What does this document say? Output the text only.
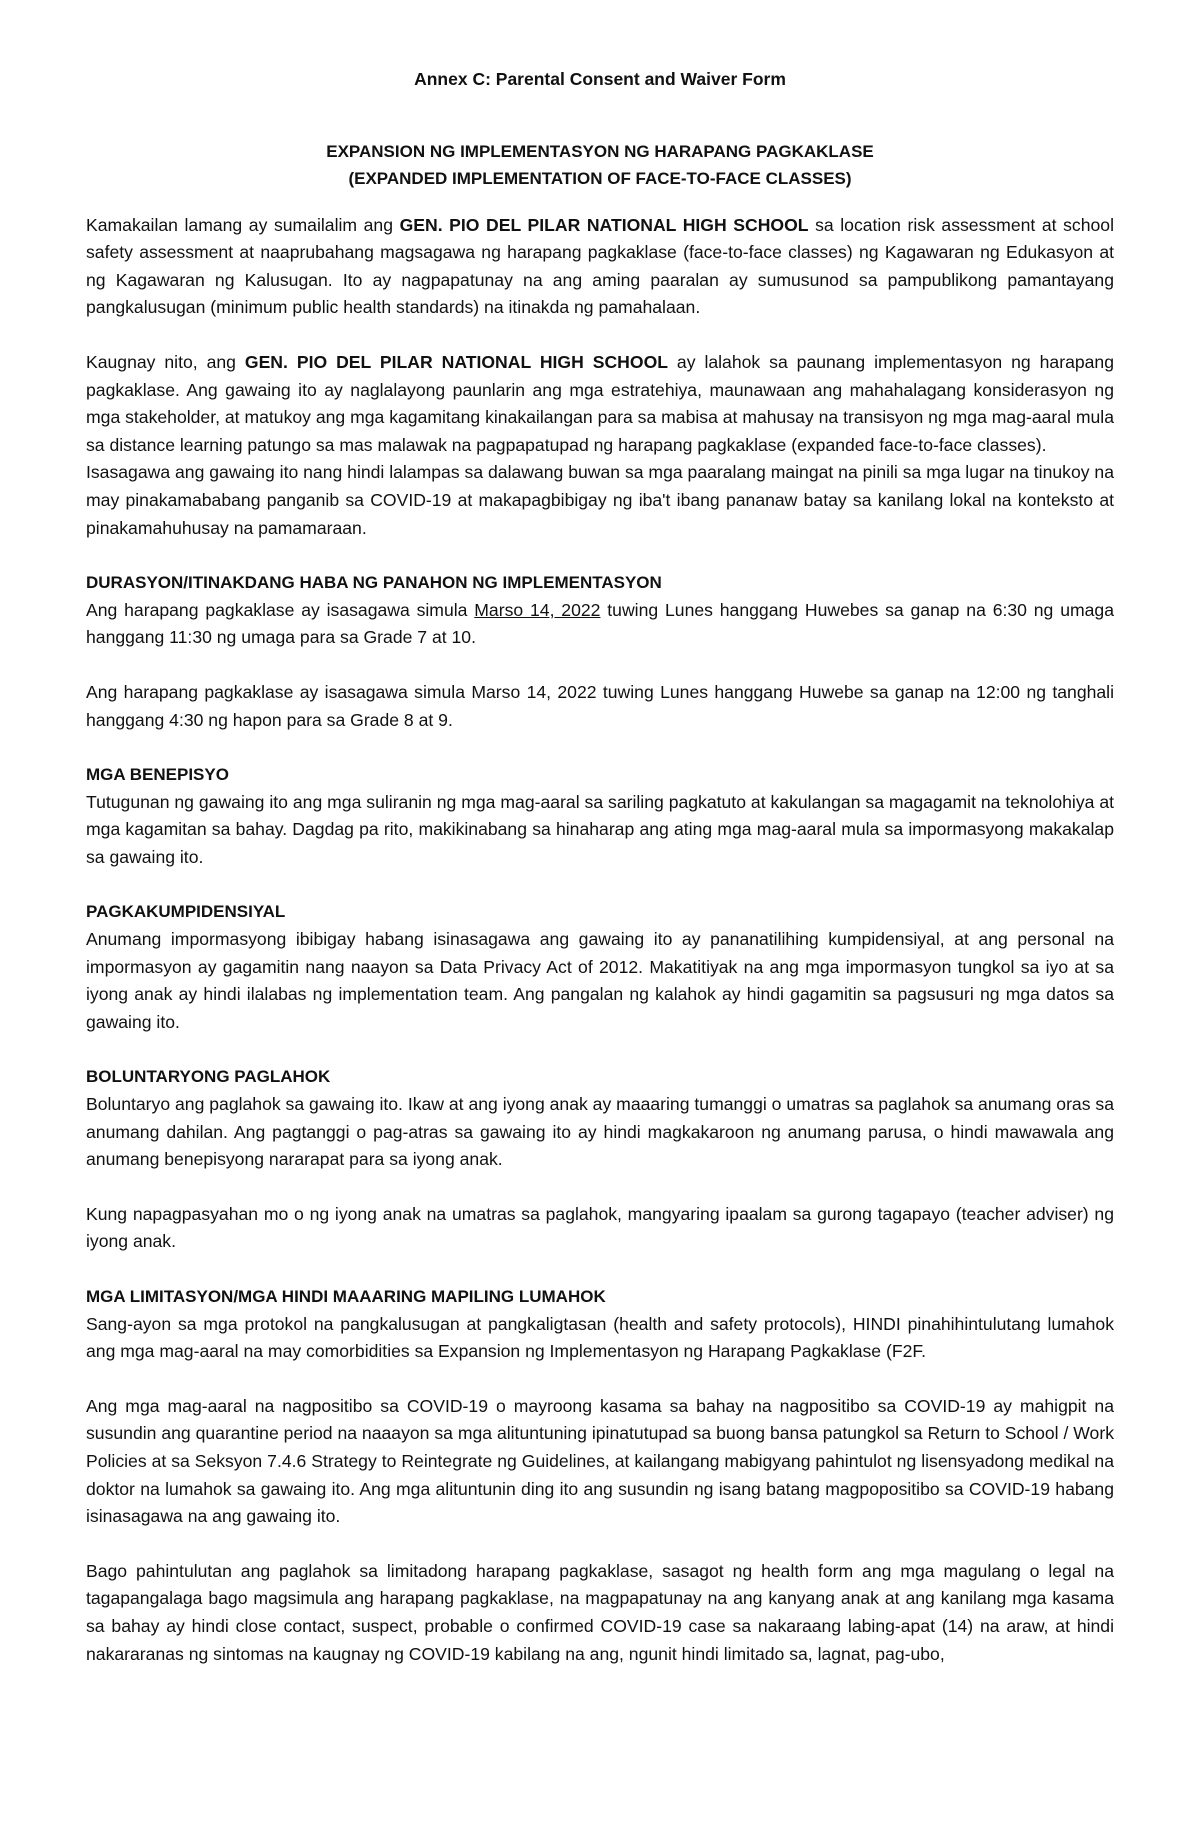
Annex C: Parental Consent and Waiver Form
EXPANSION NG IMPLEMENTASYON NG HARAPANG PAGKAKLASE
(EXPANDED IMPLEMENTATION OF FACE-TO-FACE CLASSES)

Kamakailan lamang ay sumailalim ang GEN. PIO DEL PILAR NATIONAL HIGH SCHOOL sa location risk assessment at school safety assessment at naaprubahang magsagawa ng harapang pagkaklase (face-to-face classes) ng Kagawaran ng Edukasyon at ng Kagawaran ng Kalusugan. Ito ay nagpapatunay na ang aming paaralan ay sumusunod sa pampublikong pamantayang pangkalusugan (minimum public health standards) na itinakda ng pamahalaan.

Kaugnay nito, ang GEN. PIO DEL PILAR NATIONAL HIGH SCHOOL ay lalahok sa paunang implementasyon ng harapang pagkaklase. Ang gawaing ito ay naglalayong paunlarin ang mga estratehiya, maunawaan ang mahahalagang konsiderasyon ng mga stakeholder, at matukoy ang mga kagamitang kinakailangan para sa mabisa at mahusay na transisyon ng mga mag-aaral mula sa distance learning patungo sa mas malawak na pagpapatupad ng harapang pagkaklase (expanded face-to-face classes).

Isasagawa ang gawaing ito nang hindi lalampas sa dalawang buwan sa mga paaralang maingat na pinili sa mga lugar na tinukoy na may pinakamababang panganib sa COVID-19 at makapagbibigay ng iba't ibang pananaw batay sa kanilang lokal na konteksto at pinakamahuhusay na pamamaraan.

DURASYON/ITINAKDANG HABA NG PANAHON NG IMPLEMENTASYON

Ang harapang pagkaklase ay isasagawa simula Marso 14, 2022 tuwing Lunes hanggang Huwebes sa ganap na 6:30 ng umaga hanggang 11:30 ng umaga para sa Grade 7 at 10.

Ang harapang pagkaklase ay isasagawa simula Marso 14, 2022 tuwing Lunes hanggang Huwebe sa ganap na 12:00 ng tanghali hanggang 4:30 ng hapon para sa Grade 8 at 9.

MGA BENEPISYO

Tutugunan ng gawaing ito ang mga suliranin ng mga mag-aaral sa sariling pagkatuto at kakulangan sa magagamit na teknolohiya at mga kagamitan sa bahay. Dagdag pa rito, makikinabang sa hinaharap ang ating mga mag-aaral mula sa impormasyong makakalap sa gawaing ito.

PAGKAKUMPIDENSIYAL

Anumang impormasyong ibibigay habang isinasagawa ang gawaing ito ay pananatilihing kumpidensiyal, at ang personal na impormasyon ay gagamitin nang naayon sa Data Privacy Act of 2012. Makatitiyak na ang mga impormasyon tungkol sa iyo at sa iyong anak ay hindi ilalabas ng implementation team. Ang pangalan ng kalahok ay hindi gagamitin sa pagsusuri ng mga datos sa gawaing ito.

BOLUNTARYONG PAGLAHOK

Boluntaryo ang paglahok sa gawaing ito. Ikaw at ang iyong anak ay maaaring tumanggi o umatras sa paglahok sa anumang oras sa anumang dahilan. Ang pagtanggi o pag-atras sa gawaing ito ay hindi magkakaroon ng anumang parusa, o hindi mawawala ang anumang benepisyong nararapat para sa iyong anak.

Kung napagpasyahan mo o ng iyong anak na umatras sa paglahok, mangyaring ipaalam sa gurong tagapayo (teacher adviser) ng iyong anak.

MGA LIMITASYON/MGA HINDI MAAARING MAPILING LUMAHOK

Sang-ayon sa mga protokol na pangkalusugan at pangkaligtasan (health and safety protocols), HINDI pinahihintulutang lumahok ang mga mag-aaral na may comorbidities sa Expansion ng Implementasyon ng Harapang Pagkaklase (F2F.

Ang mga mag-aaral na nagpositibo sa COVID-19 o mayroong kasama sa bahay na nagpositibo sa COVID-19 ay mahigpit na susundin ang quarantine period na naaayon sa mga alituntuning ipinatutupad sa buong bansa patungkol sa Return to School / Work Policies at sa Seksyon 7.4.6 Strategy to Reintegrate ng Guidelines, at kailangang mabigyang pahintulot ng lisensyadong medikal na doktor na lumahok sa gawaing ito. Ang mga alituntunin ding ito ang susundin ng isang batang magpopositibo sa COVID-19 habang isinasagawa na ang gawaing ito.

Bago pahintulutan ang paglahok sa limitadong harapang pagkaklase, sasagot ng health form ang mga magulang o legal na tagapangalaga bago magsimula ang harapang pagkaklase, na magpapatunay na ang kanyang anak at ang kanilang mga kasama sa bahay ay hindi close contact, suspect, probable o confirmed COVID-19 case sa nakaraang labing-apat (14) na araw, at hindi nakararanas ng sintomas na kaugnay ng COVID-19 kabilang na ang, ngunit hindi limitado sa, lagnat, pag-ubo,
